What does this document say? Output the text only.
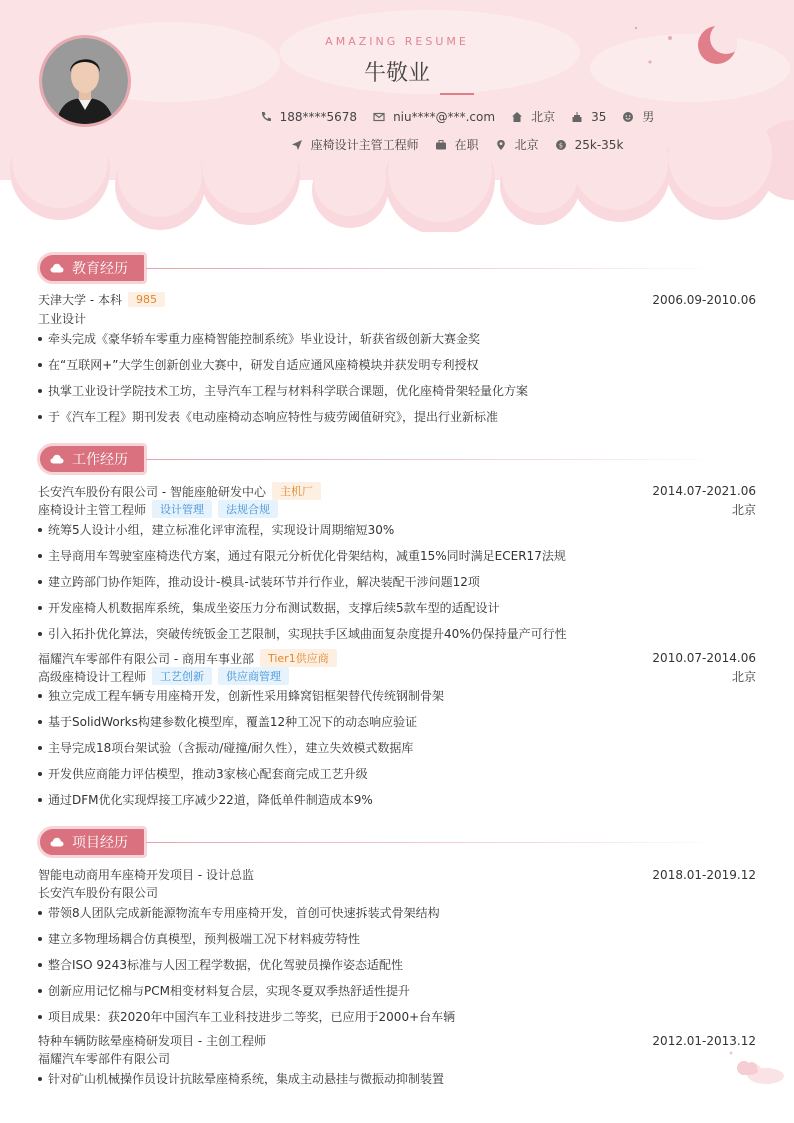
AMAZING RESUME
牛敬业
188****5678	niu****@***.com	北京	35	男
座椅设计主管工程师	在职	北京	$ 25k-35k
教育经历
天津大学 - 本科	985	2006.09-2010.06
工业设计
牵头完成《豪华轿车零重力座椅智能控制系统》毕业设计，斩获省级创新大赛金奖
在“互联网+”大学生创新创业大赛中，研发自适应通风座椅模块并获发明专利授权
执掌工业设计学院技术工坊，主导汽车工程与材料科学联合课题，优化座椅骨架轻量化方案
于《汽车工程》期刊发表《电动座椅动态响应特性与疲劳阈值研究》，提出行业新标准
工作经历
长安汽车股份有限公司 - 智能座舱研发中心	主机厂	2014.07-2021.06
座椅设计主管工程师	设计管理	法规合规	北京
统筹5人设计小组，建立标准化评审流程，实现设计周期缩短30%
主导商用车驾驶室座椅迭代方案，通过有限元分析优化骨架结构，减重15%同时满足ECER17法规
建立跨部门协作矩阵，推动设计-模具-试装环节并行作业，解决装配干涉问题12项
开发座椅人机数据库系统，集成坐姿压力分布测试数据，支撑后续5款车型的适配设计
引入拓扑优化算法，突破传统钣金工艺限制，实现扶手区域曲面复杂度提升40%仍保持量产可行性
福耀汽车零部件有限公司 - 商用车事业部	Tier1供应商	2010.07-2014.06
高级座椅设计工程师	工艺创新	供应商管理	北京
独立完成工程车辆专用座椅开发，创新性采用蜂窝铝框架替代传统钢制骨架
基于SolidWorks构建参数化模型库，覆盖12种工况下的动态响应验证
主导完成18项台架试验（含振动/碰撞/耐久性），建立失效模式数据库
开发供应商能力评估模型，推动3家核心配套商完成工艺升级
通过DFM优化实现焊接工序减少22道，降低单件制造成本9%
项目经历
智能电动商用车座椅开发项目 - 设计总监	2018.01-2019.12
长安汽车股份有限公司
带领8人团队完成新能源物流车专用座椅开发，首创可快速拆装式骨架结构
建立多物理场耦合仿真模型，预判极端工况下材料疲劳特性
整合ISO 9243标准与人因工程学数据，优化驾驶员操作姿态适配性
创新应用记忆棉与PCM相变材料复合层，实现冬夏双季热舒适性提升
项目成果：获2020年中国汽车工业科技进步二等奖，已应用于2000+台车辆
特种车辆防眩晕座椅研发项目 - 主创工程师	2012.01-2013.12
福耀汽车零部件有限公司
针对矿山机械操作员设计抗眩晕座椅系统，集成主动悬挂与微振动抑制装置
